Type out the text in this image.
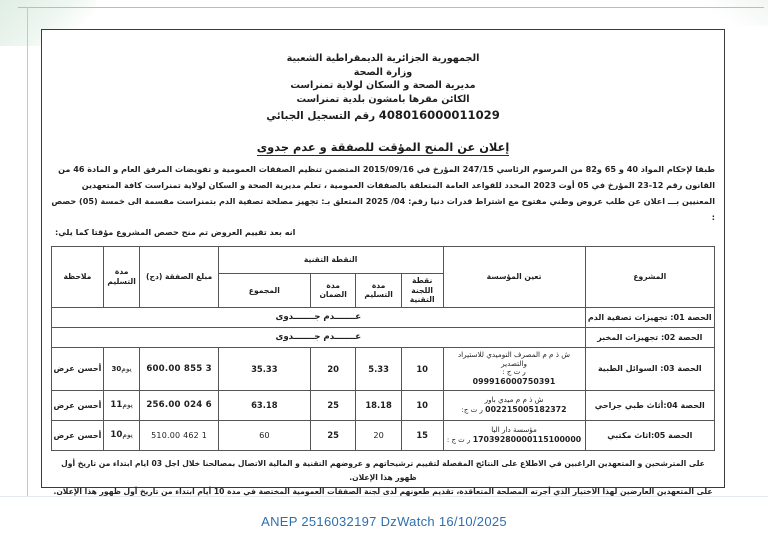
الجمهورية الجزائرية الديمقراطية الشعبية
وزارة الصحة
مديرية الصحة و السكان لولاية تمنراست
الكائن مقرها بامشون بلدية تمنراست
408016000011029 رقم التسجيل الجبائي
إعلان عن المنح المؤقت للصفقة و عدم جدوى

طبقا لإحكام المواد 40 و 65 و82 من المرسوم الرئاسي 247/15 المؤرخ في 2015/09/16 المتضمن تنظيم الصفقات العمومية و تفويضات المرفق العام و المادة 46 من القانون رقم 12-23 المؤرخ في 05 أوت 2023 المحدد للقواعد العامة المتعلقة بالصفقات العمومية ، تعلم مديرية الصحة و السكان لولاية تمنراست كافة المتعهدين المعنيين بـــ اعلان عن طلب عروض وطني مفتوح مع اشتراط قدرات دنيا رقم: 04/ 2025 المتعلق بـ: تجهيز مصلحة تصفية الدم بتمنراست مقسمة الى خمسة (05) حصص :

انه بعد تقييم العروض تم منح حصص المشروع مؤقتا كما يلي:

المشروع	تعين المؤسسة	النقطة التقنية				مبلغ الصفقة (دج)	مدة التسليم	ملاحظة
		نقطة اللجنة التقنية	مدة التسليم	مدة الضمان	المجموع			
الحصة 01: تجهيزات تصفية الدم	عـــــــدم جـــــــدوى							
الحصة 02: تجهيزات المخبر	عـــــــدم جـــــــدوى							
الحصة 03: السوائل الطبية	ش ذ م م المصرف النوميدي للاستيراد والتصدير
ر ت ج :
099916000750391	10	5.33	20	35.33	3 855 600.00	يوم30	أحسن عرض
الحصة 04:أثاث طبي جراحي	ش ذ م م ميدي باور
002215005182372 ر ت ج:	10	18.18	25	63.18	6 024 256.00	يوم11	أحسن عرض
الحصة 05:اثاث مكتبي	مؤسسة دار اليا
17039280000115100000 ر ت ج :	15	20	25	60	1 462 510.00	يوم10	أحسن عرض

على المترشحين و المتعهدين الراغبين في الاطلاع على النتائج المفصلة لتقييم ترشيحاتهم و عروضهم التقنية و المالية الاتصال بمصالحنا خلال اجل 03 ايام ابتداء من تاريخ أول ظهور هذا الإعلان.

على المتعهدين العارضين لهذا الاختيار الذي أجرته المصلحة المتعاقدة، تقديم طعونهم لدى لجنة الصفقات العمومية المختصة في مدة 10 أيام ابتداء من تاريخ أول ظهور هذا الإعلان.

ANEP 2516032197 DzWatch 16/10/2025
